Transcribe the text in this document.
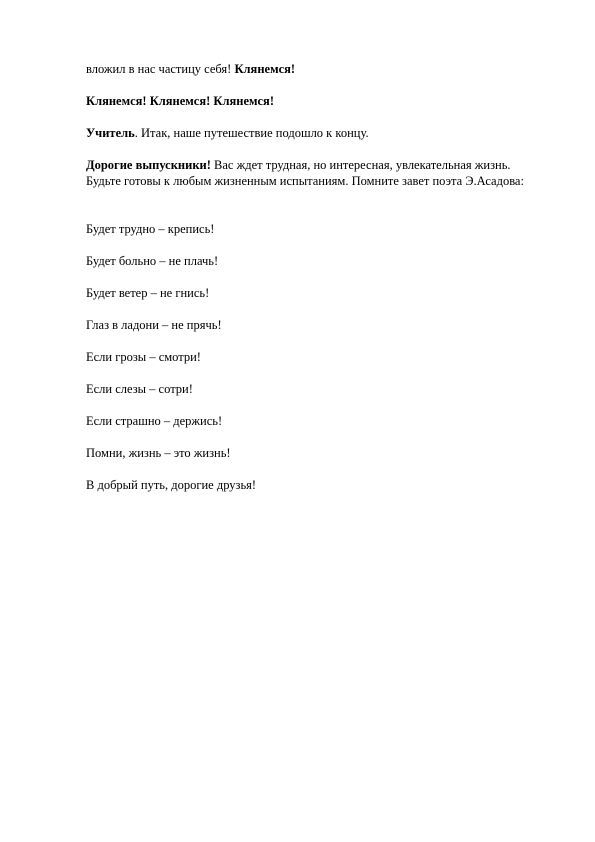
вложил в нас частицу себя! Клянемся!
Клянемся! Клянемся! Клянемся!
Учитель. Итак, наше путешествие подошло к концу.
Дорогие выпускники! Вас ждет трудная, но интересная, увлекательная жизнь. Будьте готовы к любым жизненным испытаниям. Помните завет поэта Э.Асадова:
Будет трудно – крепись!
Будет больно – не плачь!
Будет ветер – не гнись!
Глаз в ладони – не прячь!
Если грозы – смотри!
Если слезы – сотри!
Если страшно – держись!
Помни, жизнь – это жизнь!
В добрый путь, дорогие друзья!
